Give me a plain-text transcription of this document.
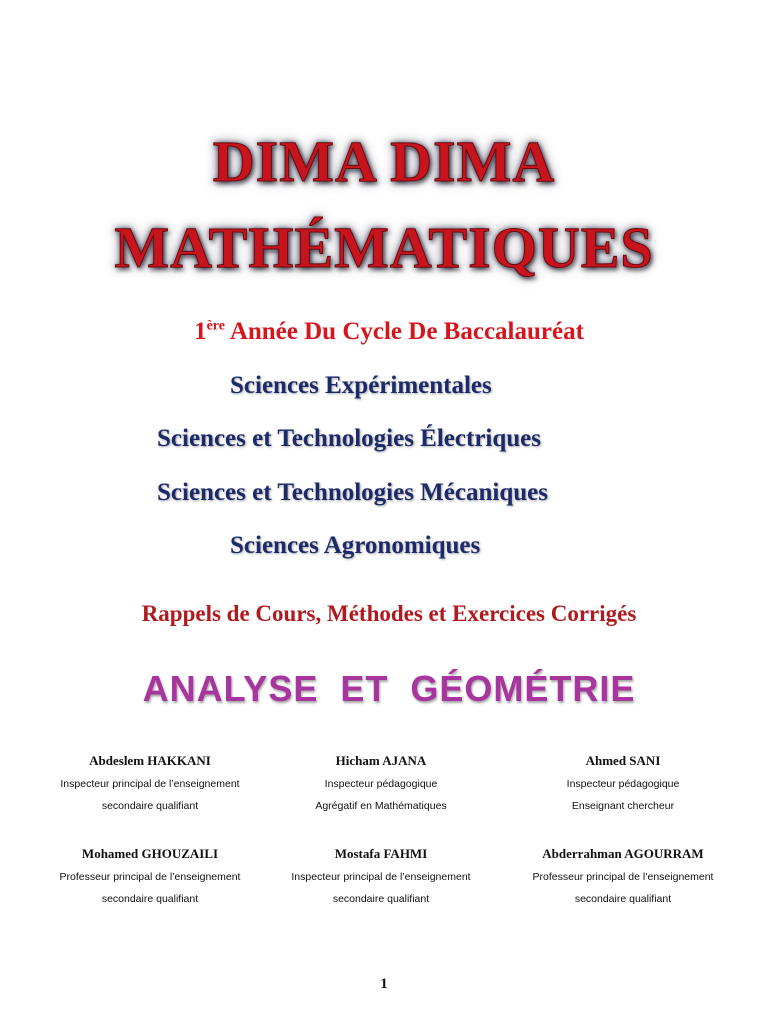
DIMA DIMA
MATHÉMATIQUES
1ère Année Du Cycle De Baccalauréat
Sciences Expérimentales
Sciences et Technologies Électriques
Sciences et Technologies Mécaniques
Sciences Agronomiques
Rappels de Cours, Méthodes et Exercices Corrigés
ANALYSE  ET  GÉOMÉTRIE
Abdeslem HAKKANI
Inspecteur principal de l’enseignement
secondaire qualifiant
Hicham AJANA
Inspecteur pédagogique
Agrégatif en Mathématiques
Ahmed SANI
Inspecteur pédagogique
Enseignant chercheur
Mohamed GHOUZAILI
Professeur principal de l’enseignement
secondaire qualifiant
Mostafa FAHMI
Inspecteur principal de l’enseignement
secondaire qualifiant
Abderrahman AGOURRAM
Professeur principal de l’enseignement
secondaire qualifiant
1
